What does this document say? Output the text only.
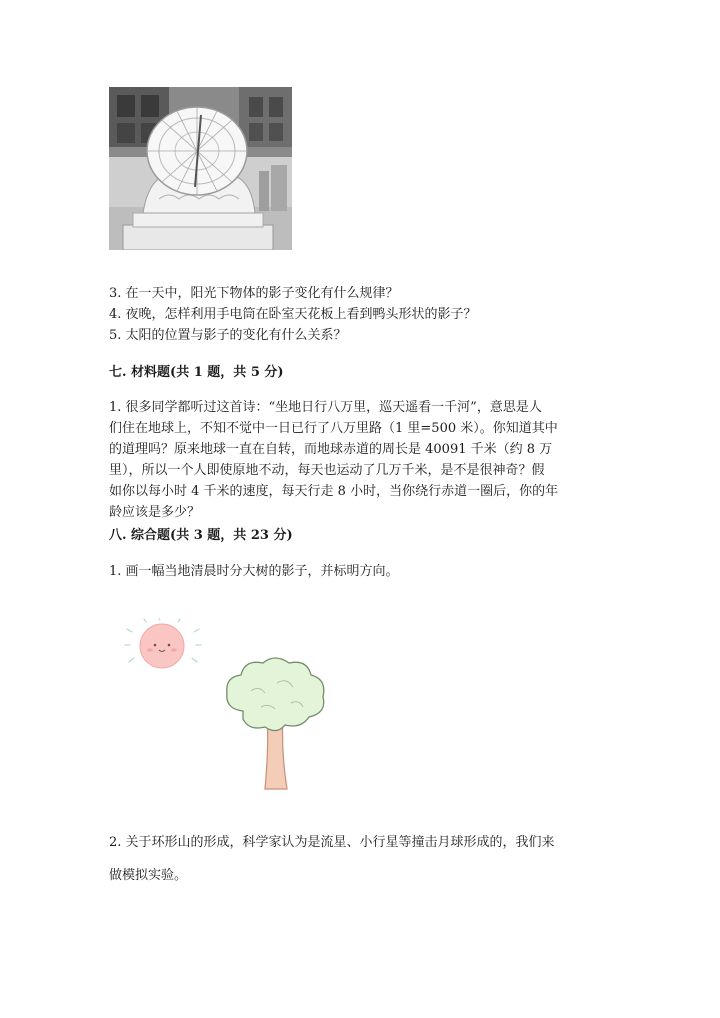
3. 在一天中，阳光下物体的影子变化有什么规律？
4. 夜晚，怎样利用手电筒在卧室天花板上看到鸭头形状的影子？
5. 太阳的位置与影子的变化有什么关系？
七. 材料题(共 1 题，共 5 分)
1. 很多同学都听过这首诗：“坐地日行八万里，巡天遥看一千河”，意思是人
们住在地球上，不知不觉中一日已行了八万里路（1 里=500 米）。你知道其中
的道理吗？原来地球一直在自转，而地球赤道的周长是 40091 千米（约 8 万
里），所以一个人即使原地不动，每天也运动了几万千米，是不是很神奇？假
如你以每小时 4 千米的速度，每天行走 8 小时，当你绕行赤道一圈后，你的年
龄应该是多少？
八. 综合题(共 3 题，共 23 分)
1. 画一幅当地清晨时分大树的影子，并标明方向。
2. 关于环形山的形成，科学家认为是流星、小行星等撞击月球形成的，我们来
做模拟实验。
